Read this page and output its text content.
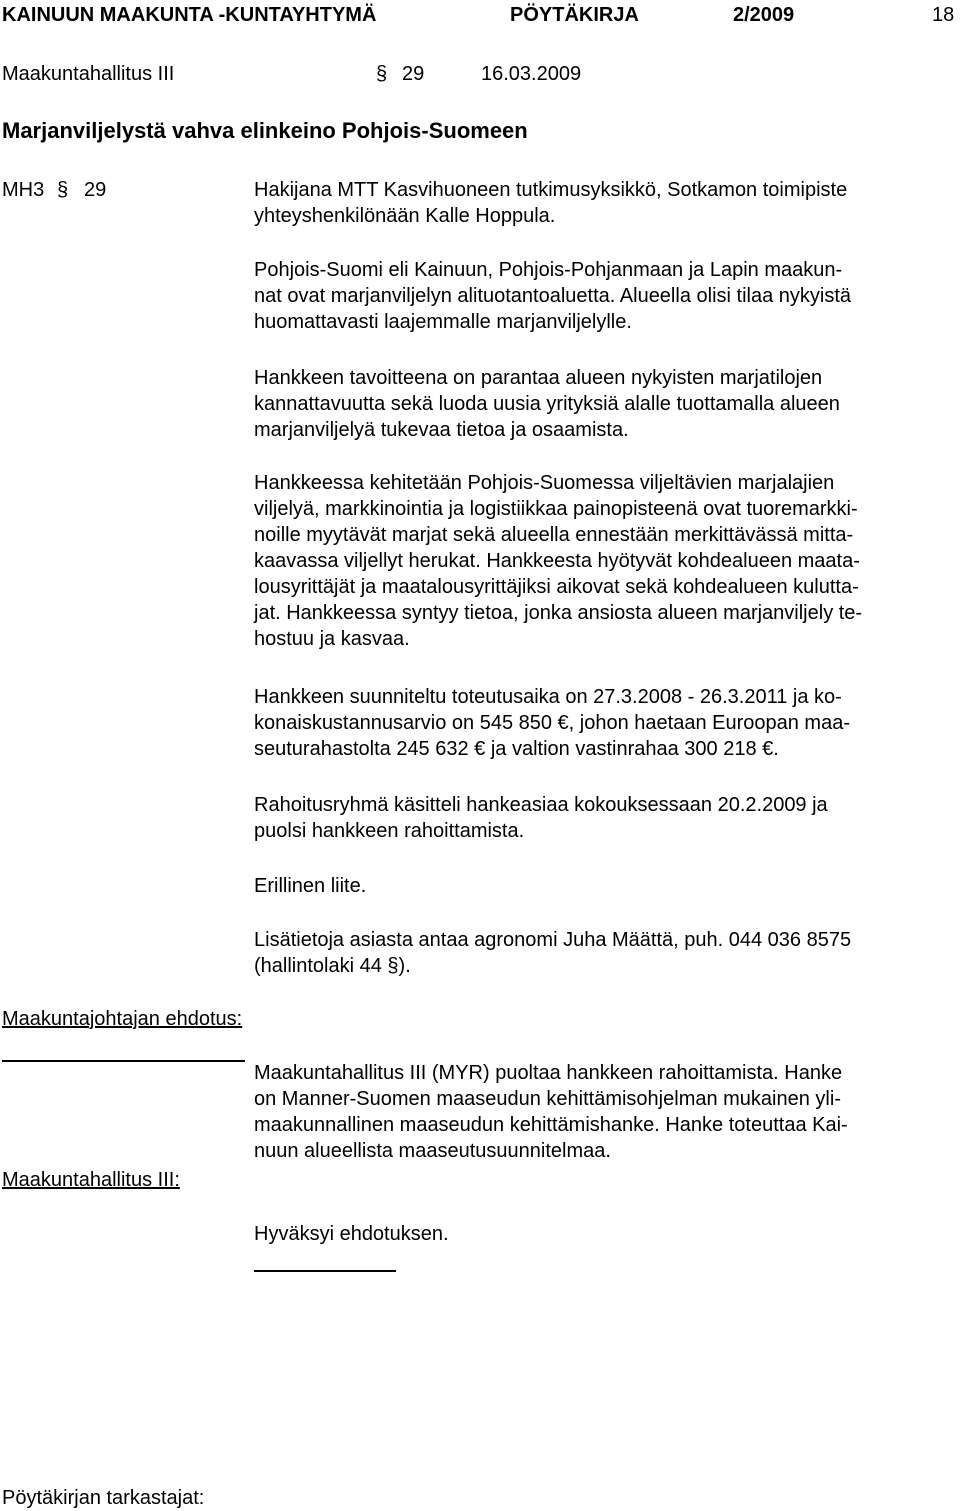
KAINUUN MAAKUNTA -KUNTAYHTYMÄ	PÖYTÄKIRJA	2/2009	18
Maakuntahallitus III	§ 29	16.03.2009
Marjanviljelystä vahva elinkeino Pohjois-Suomeen
MH3 § 29	Hakijana MTT Kasvihuoneen tutkimusyksikkö, Sotkamon toimipiste
yhteyshenkilönään Kalle Hoppula.
Pohjois-Suomi eli Kainuun, Pohjois-Pohjanmaan ja Lapin maakun-
nat ovat marjanviljelyn alituotantoaluetta. Alueella olisi tilaa nykyistä
huomattavasti laajemmalle marjanviljelylle.
Hankkeen tavoitteena on parantaa alueen nykyisten marjatilojen
kannattavuutta sekä luoda uusia yrityksiä alalle tuottamalla alueen
marjanviljelyä tukevaa tietoa ja osaamista.
Hankkeessa kehitetään Pohjois-Suomessa viljeltävien marjalajien
viljelyä, markkinointia ja logistiikkaa painopisteenä ovat tuoremarkki-
noille myytävät marjat sekä alueella ennestään merkittävässä mitta-
kaavassa viljellyt herukat. Hankkeesta hyötyvät kohdealueen maata-
lousyrittäjät ja maatalousyrittäjiksi aikovat sekä kohdealueen kulutta-
jat. Hankkeessa syntyy tietoa, jonka ansiosta alueen marjanviljely te-
hostuu ja kasvaa.
Hankkeen suunniteltu toteutusaika on 27.3.2008 - 26.3.2011 ja ko-
konaiskustannusarvio on 545 850 €, johon haetaan Euroopan maa-
seuturahastolta 245 632 € ja valtion vastinrahaa 300 218 €.
Rahoitusryhmä käsitteli hankeasiaa kokouksessaan 20.2.2009 ja
puolsi hankkeen rahoittamista.
Erillinen liite.
Lisätietoja asiasta antaa agronomi Juha Määttä, puh. 044 036 8575
(hallintolaki 44 §).
Maakuntajohtajan ehdotus:
Maakuntahallitus III (MYR) puoltaa hankkeen rahoittamista. Hanke
on Manner-Suomen maaseudun kehittämisohjelman mukainen yli-
maakunnallinen maaseudun kehittämishanke. Hanke toteuttaa Kai-
nuun alueellista maaseutusuunnitelmaa.
Maakuntahallitus III:
Hyväksyi ehdotuksen.
Pöytäkirjan tarkastajat:
